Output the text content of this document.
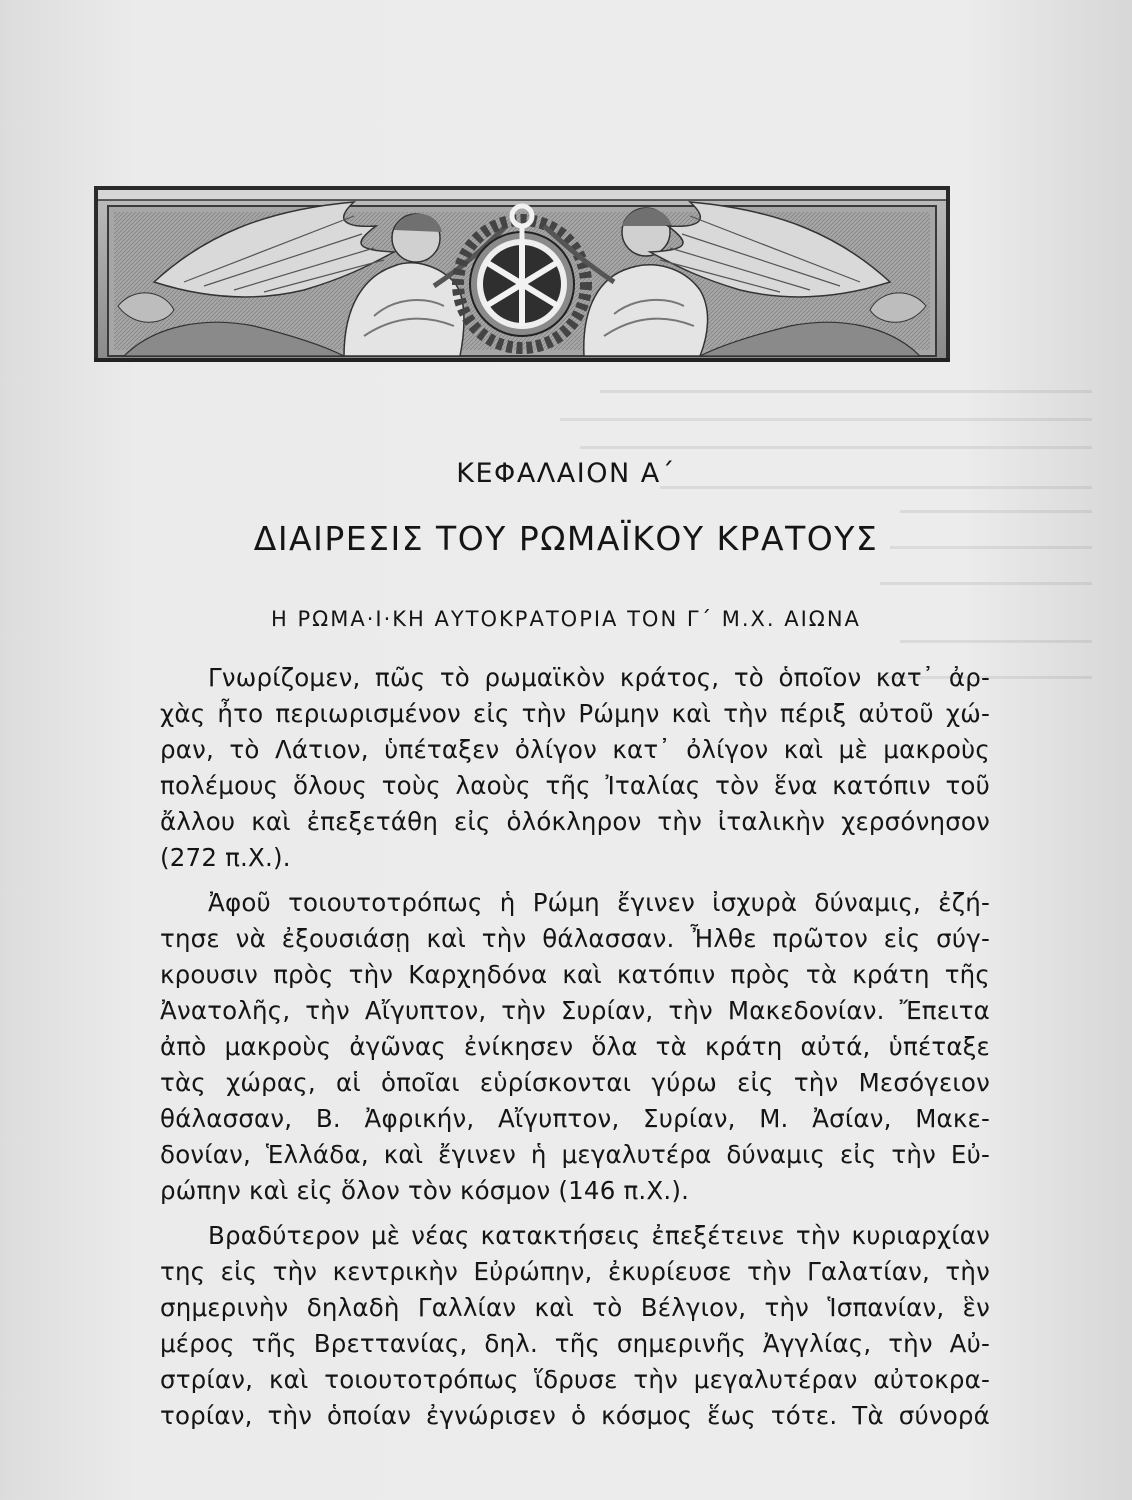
ΚΕΦΑΛΑΙΟΝ Α΄
ΔΙΑΙΡΕΣΙΣ ΤΟΥ ΡΩΜΑΪΚΟΥ ΚΡΑΤΟΥΣ
Η ΡΩΜΑ·Ι·ΚΗ ΑΥΤΟΚΡΑΤΟΡΙΑ ΤΟΝ Γ΄ Μ.Χ. ΑΙΩΝΑ

Γνωρίζομεν, πῶς τὸ ρωμαϊκὸν κράτος, τὸ ὁποῖον κατ᾽ ἀρ-
χὰς ἦτο περιωρισμένον εἰς τὴν Ρώμην καὶ τὴν πέριξ αὐτοῦ χώ-
ραν, τὸ Λάτιον, ὑπέταξεν ὀλίγον κατ᾽ ὀλίγον καὶ μὲ μακροὺς
πολέμους ὅλους τοὺς λαοὺς τῆς Ἰταλίας τὸν ἕνα κατόπιν τοῦ
ἄλλου καὶ ἐπεξετάθη εἰς ὁλόκληρον τὴν ἰταλικὴν χερσόνησον
(272 π.Χ.).

Ἀφοῦ τοιουτοτρόπως ἡ Ρώμη ἔγινεν ἰσχυρὰ δύναμις, ἐζή-
τησε νὰ ἐξουσιάσῃ καὶ τὴν θάλασσαν. Ἦλθε πρῶτον εἰς σύγ-
κρουσιν πρὸς τὴν Καρχηδόνα καὶ κατόπιν πρὸς τὰ κράτη τῆς
Ἀνατολῆς, τὴν Αἴγυπτον, τὴν Συρίαν, τὴν Μακεδονίαν. Ἔπειτα
ἀπὸ μακροὺς ἀγῶνας ἐνίκησεν ὅλα τὰ κράτη αὐτά, ὑπέταξε
τὰς χώρας, αἱ ὁποῖαι εὑρίσκονται γύρω εἰς τὴν Μεσόγειον
θάλασσαν, Β. Ἀφρικήν, Αἴγυπτον, Συρίαν, Μ. Ἀσίαν, Μακε-
δονίαν, Ἑλλάδα, καὶ ἔγινεν ἡ μεγαλυτέρα δύναμις εἰς τὴν Εὐ-
ρώπην καὶ εἰς ὅλον τὸν κόσμον (146 π.Χ.).

Βραδύτερον μὲ νέας κατακτήσεις ἐπεξέτεινε τὴν κυριαρχίαν
της εἰς τὴν κεντρικὴν Εὐρώπην, ἐκυρίευσε τὴν Γαλατίαν, τὴν
σημερινὴν δηλαδὴ Γαλλίαν καὶ τὸ Βέλγιον, τὴν Ἱσπανίαν, ἓν
μέρος τῆς Βρεττανίας, δηλ. τῆς σημερινῆς Ἀγγλίας, τὴν Αὐ-
στρίαν, καὶ τοιουτοτρόπως ἵδρυσε τὴν μεγαλυτέραν αὐτοκρα-
τορίαν, τὴν ὁποίαν ἐγνώρισεν ὁ κόσμος ἕως τότε. Τὰ σύνορά
